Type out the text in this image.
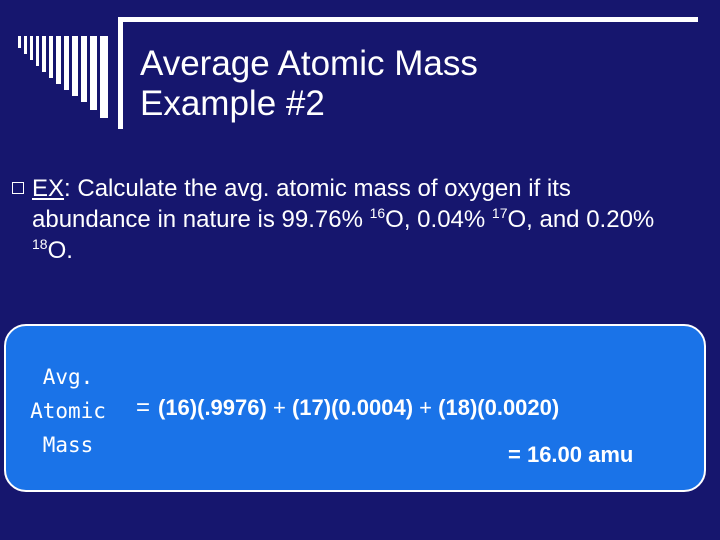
Average Atomic Mass
Example #2
EX: Calculate the avg. atomic mass of oxygen if its abundance in nature is 99.76% $^{16}$O, 0.04% $^{17}$O, and 0.20% $^{18}$O.
Avg.
Atomic
Mass
= (16)(.9976) + (17)(0.0004) + (18)(0.0020)
= 16.00 amu
